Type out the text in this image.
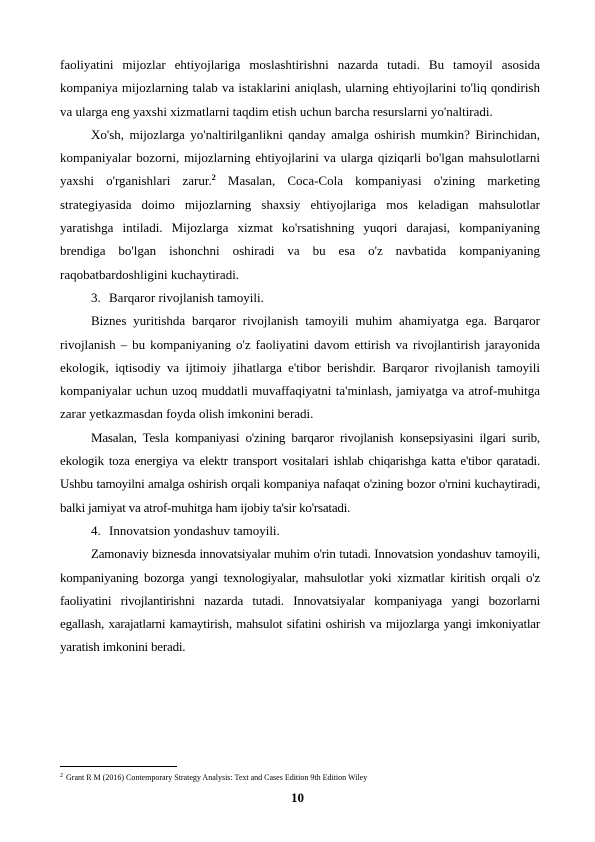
faoliyatini mijozlar ehtiyojlariga moslashtirishni nazarda tutadi. Bu tamoyil asosida kompaniya mijozlarning talab va istaklarini aniqlash, ularning ehtiyojlarini to'liq qondirish va ularga eng yaxshi xizmatlarni taqdim etish uchun barcha resurslarni yo'naltiradi.

Xo'sh, mijozlarga yo'naltirilganlikni qanday amalga oshirish mumkin? Birinchidan, kompaniyalar bozorni, mijozlarning ehtiyojlarini va ularga qiziqarli bo'lgan mahsulotlarni yaxshi o'rganishlari zarur.$^2$ Masalan, Coca-Cola kompaniyasi o'zining marketing strategiyasida doimo mijozlarning shaxsiy ehtiyojlariga mos keladigan mahsulotlar yaratishga intiladi. Mijozlarga xizmat ko'rsatishning yuqori darajasi, kompaniyaning brendiga bo'lgan ishonchni oshiradi va bu esa o'z navbatida kompaniyaning raqobatbardoshligini kuchaytiradi.

3. Barqaror rivojlanish tamoyili.

Biznes yuritishda barqaror rivojlanish tamoyili muhim ahamiyatga ega. Barqaror rivojlanish – bu kompaniyaning o'z faoliyatini davom ettirish va rivojlantirish jarayonida ekologik, iqtisodiy va ijtimoiy jihatlarga e'tibor berishdir. Barqaror rivojlanish tamoyili kompaniyalar uchun uzoq muddatli muvaffaqiyatni ta'minlash, jamiyatga va atrof-muhitga zarar yetkazmasdan foyda olish imkonini beradi.

Masalan, Tesla kompaniyasi o'zining barqaror rivojlanish konsepsiyasini ilgari surib, ekologik toza energiya va elektr transport vositalari ishlab chiqarishga katta e'tibor qaratadi. Ushbu tamoyilni amalga oshirish orqali kompaniya nafaqat o'zining bozor o'rnini kuchaytiradi, balki jamiyat va atrof-muhitga ham ijobiy ta'sir ko'rsatadi.

4. Innovatsion yondashuv tamoyili.

Zamonaviy biznesda innovatsiyalar muhim o'rin tutadi. Innovatsion yondashuv tamoyili, kompaniyaning bozorga yangi texnologiyalar, mahsulotlar yoki xizmatlar kiritish orqali o'z faoliyatini rivojlantirishni nazarda tutadi. Innovatsiyalar kompaniyaga yangi bozorlarni egallash, xarajatlarni kamaytirish, mahsulot sifatini oshirish va mijozlarga yangi imkoniyatlar yaratish imkonini beradi.

$^2$ Grant R M (2016) Contemporary Strategy Analysis: Text and Cases Edition 9th Edition Wiley
10
